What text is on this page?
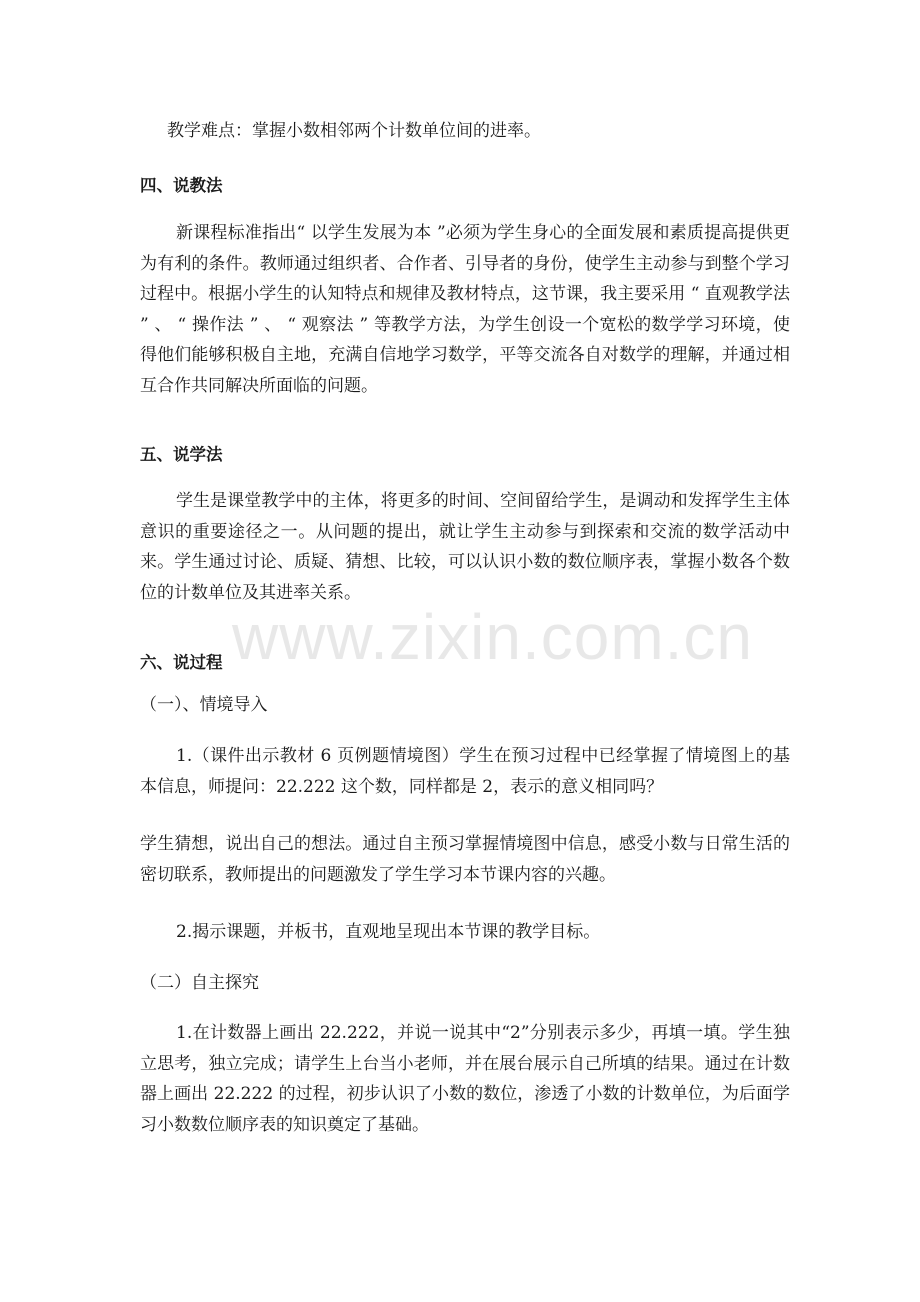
www.zixin.com.cn

教学难点：掌握小数相邻两个计数单位间的进率。

四、说教法

新课程标准指出“ 以学生发展为本 ”必须为学生身心的全面发展和素质提高提供更为有利的条件。教师通过组织者、合作者、引导者的身份，使学生主动参与到整个学习过程中。根据小学生的认知特点和规律及教材特点，这节课，我主要采用 “ 直观教学法 ” 、 “ 操作法 ” 、 “ 观察法 ” 等教学方法，为学生创设一个宽松的数学学习环境，使得他们能够积极自主地，充满自信地学习数学，平等交流各自对数学的理解，并通过相互合作共同解决所面临的问题。

五、说学法

学生是课堂教学中的主体，将更多的时间、空间留给学生，是调动和发挥学生主体意识的重要途径之一。从问题的提出，就让学生主动参与到探索和交流的数学活动中来。学生通过讨论、质疑、猜想、比较，可以认识小数的数位顺序表，掌握小数各个数位的计数单位及其进率关系。

六、说过程

（一）、情境导入

1.（课件出示教材 6 页例题情境图）学生在预习过程中已经掌握了情境图上的基本信息，师提问：22.222 这个数，同样都是 2，表示的意义相同吗？

学生猜想，说出自己的想法。通过自主预习掌握情境图中信息，感受小数与日常生活的密切联系，教师提出的问题激发了学生学习本节课内容的兴趣。

2.揭示课题，并板书，直观地呈现出本节课的教学目标。

（二）自主探究

1.在计数器上画出 22.222，并说一说其中“2”分别表示多少，再填一填。学生独立思考，独立完成；请学生上台当小老师，并在展台展示自己所填的结果。通过在计数器上画出 22.222 的过程，初步认识了小数的数位，渗透了小数的计数单位，为后面学习小数数位顺序表的知识奠定了基础。
